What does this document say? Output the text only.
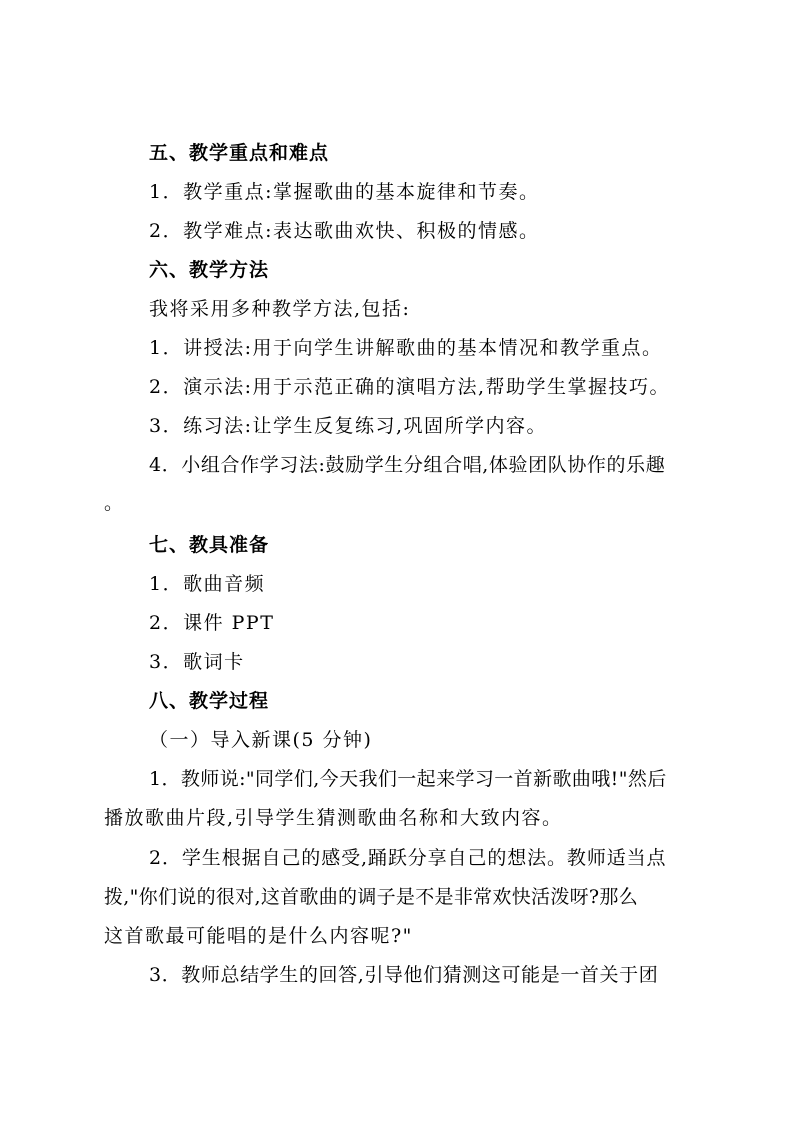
五、教学重点和难点
1．教学重点:掌握歌曲的基本旋律和节奏。
2．教学难点:表达歌曲欢快、积极的情感。
六、教学方法
我将采用多种教学方法,包括:
1．讲授法:用于向学生讲解歌曲的基本情况和教学重点。
2．演示法:用于示范正确的演唱方法,帮助学生掌握技巧。
3．练习法:让学生反复练习,巩固所学内容。
4．小组合作学习法:鼓励学生分组合唱,体验团队协作的乐趣
。
七、教具准备
1．歌曲音频
2．课件 PPT
3．歌词卡
八、教学过程
（一）导入新课(5 分钟)
1．教师说:"同学们,今天我们一起来学习一首新歌曲哦!"然后
播放歌曲片段,引导学生猜测歌曲名称和大致内容。
2．学生根据自己的感受,踊跃分享自己的想法。教师适当点
拨,"你们说的很对,这首歌曲的调子是不是非常欢快活泼呀?那么
这首歌最可能唱的是什么内容呢?"
3．教师总结学生的回答,引导他们猜测这可能是一首关于团
